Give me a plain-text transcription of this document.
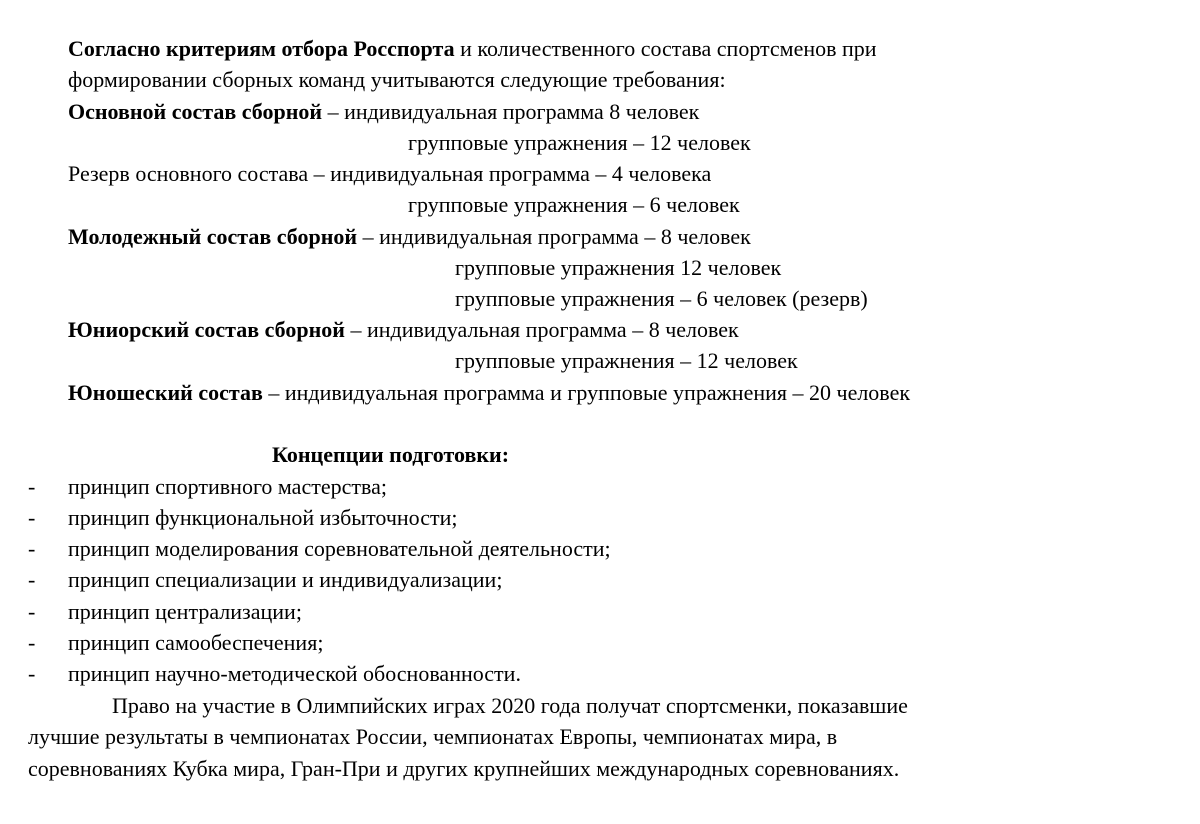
Согласно критериям отбора Росспорта и количественного состава спортсменов при
формировании сборных команд учитываются следующие требования:
Основной состав сборной – индивидуальная программа 8 человек
групповые упражнения – 12 человек
Резерв основного состава – индивидуальная программа – 4 человека
групповые упражнения – 6 человек
Молодежный состав сборной – индивидуальная программа – 8 человек
групповые упражнения 12 человек
групповые упражнения – 6 человек (резерв)
Юниорский состав сборной – индивидуальная программа – 8 человек
групповые упражнения – 12 человек
Юношеский состав – индивидуальная программа и групповые упражнения – 20 человек
Концепции подготовки:
- принцип спортивного мастерства;
- принцип функциональной избыточности;
- принцип моделирования соревновательной деятельности;
- принцип специализации и индивидуализации;
- принцип централизации;
- принцип самообеспечения;
- принцип научно-методической обоснованности.
Право на участие в Олимпийских играх 2020 года получат спортсменки, показавшие
лучшие результаты в чемпионатах России, чемпионатах Европы, чемпионатах мира, в
соревнованиях Кубка мира, Гран-При и других крупнейших международных соревнованиях.
